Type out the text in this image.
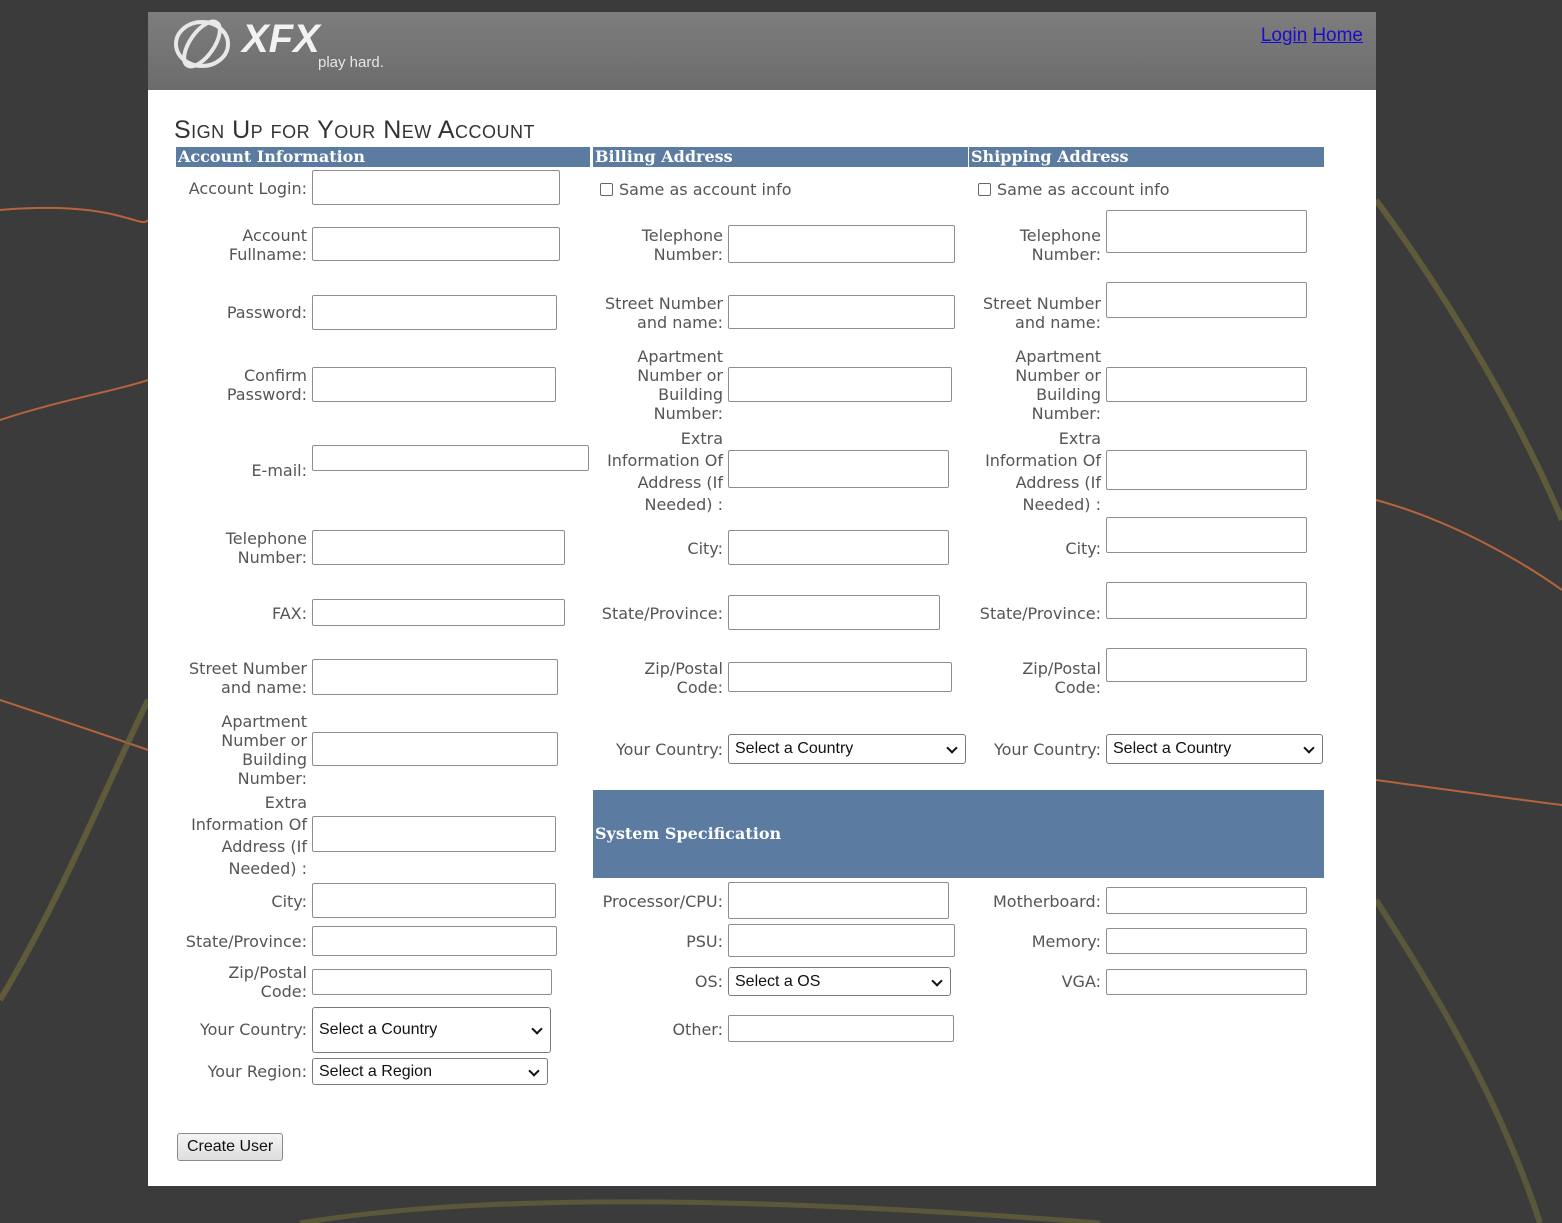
XFX
play hard.
Login Home
Sign Up for Your New Account
Account Information	Billing Address	Shipping Address
Account Login:
Account
Fullname:
Password:
Confirm
Password:
E-mail:
Telephone
Number:
FAX:
Street Number
and name:
Apartment
Number or
Building
Number:
Extra
Information Of
Address (If
Needed) :
City:
State/Province:
Zip/Postal
Code:
Your Country: Select a Country
Your Region: Select a Region
Same as account info
Telephone
Number:
Street Number
and name:
Apartment
Number or
Building
Number:
Extra
Information Of
Address (If
Needed) :
City:
State/Province:
Zip/Postal
Code:
Your Country: Select a Country
Same as account info
Telephone
Number:
Street Number
and name:
Apartment
Number or
Building
Number:
Extra
Information Of
Address (If
Needed) :
City:
State/Province:
Zip/Postal
Code:
Your Country: Select a Country
System Specification
Processor/CPU:
PSU:
OS: Select a OS
Other:
Motherboard:
Memory:
VGA:
Create User
